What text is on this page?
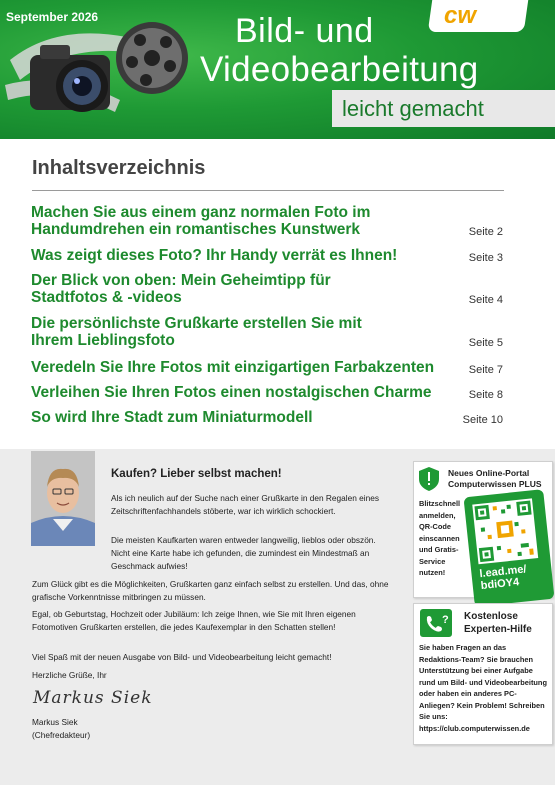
September 2026	cw
Bild- und
Videobearbeitung
leicht gemacht
Inhaltsverzeichnis
Machen Sie aus einem ganz normalen Foto im Handumdrehen ein romantisches Kunstwerk	Seite 2
Was zeigt dieses Foto? Ihr Handy verrät es Ihnen!	Seite 3
Der Blick von oben: Mein Geheimtipp für Stadtfotos & -videos	Seite 4
Die persönlichste Grußkarte erstellen Sie mit Ihrem Lieblingsfoto	Seite 5
Veredeln Sie Ihre Fotos mit einzigartigen Farbakzenten	Seite 7
Verleihen Sie Ihren Fotos einen nostalgischen Charme	Seite 8
So wird Ihre Stadt zum Miniaturmodell	Seite 10
Kaufen? Lieber selbst machen!
Als ich neulich auf der Suche nach einer Grußkarte in den Regalen eines Zeitschriftenfachhandels stöberte, war ich wirklich schockiert.
Die meisten Kaufkarten waren entweder langweilig, lieblos oder obszön. Nicht eine Karte habe ich gefunden, die zumindest ein Mindestmaß an Geschmack aufwies!
Zum Glück gibt es die Möglichkeiten, Grußkarten ganz einfach selbst zu erstellen. Und das, ohne grafische Vorkenntnisse mitbringen zu müssen.
Egal, ob Geburtstag, Hochzeit oder Jubiläum: Ich zeige Ihnen, wie Sie mit Ihren eigenen Fotomotiven Grußkarten erstellen, die jedes Kaufexemplar in den Schatten stellen!
Viel Spaß mit der neuen Ausgabe von Bild- und Videobearbeitung leicht gemacht!
Herzliche Grüße, Ihr
Markus Siek
Markus Siek
(Chefredakteur)
Neues Online-Portal
Computerwissen PLUS
Blitzschnell anmelden, QR-Code einscannen und Gratis-Service nutzen!	l.ead.me/
bdiOY4
? Kostenlose
Experten-Hilfe
Sie haben Fragen an das Redaktions-Team? Sie brauchen Unterstützung bei einer Aufgabe rund um Bild- und Videobearbeitung oder haben ein anderes PC-Anliegen? Kein Problem! Schreiben Sie uns: https://club.computerwissen.de
